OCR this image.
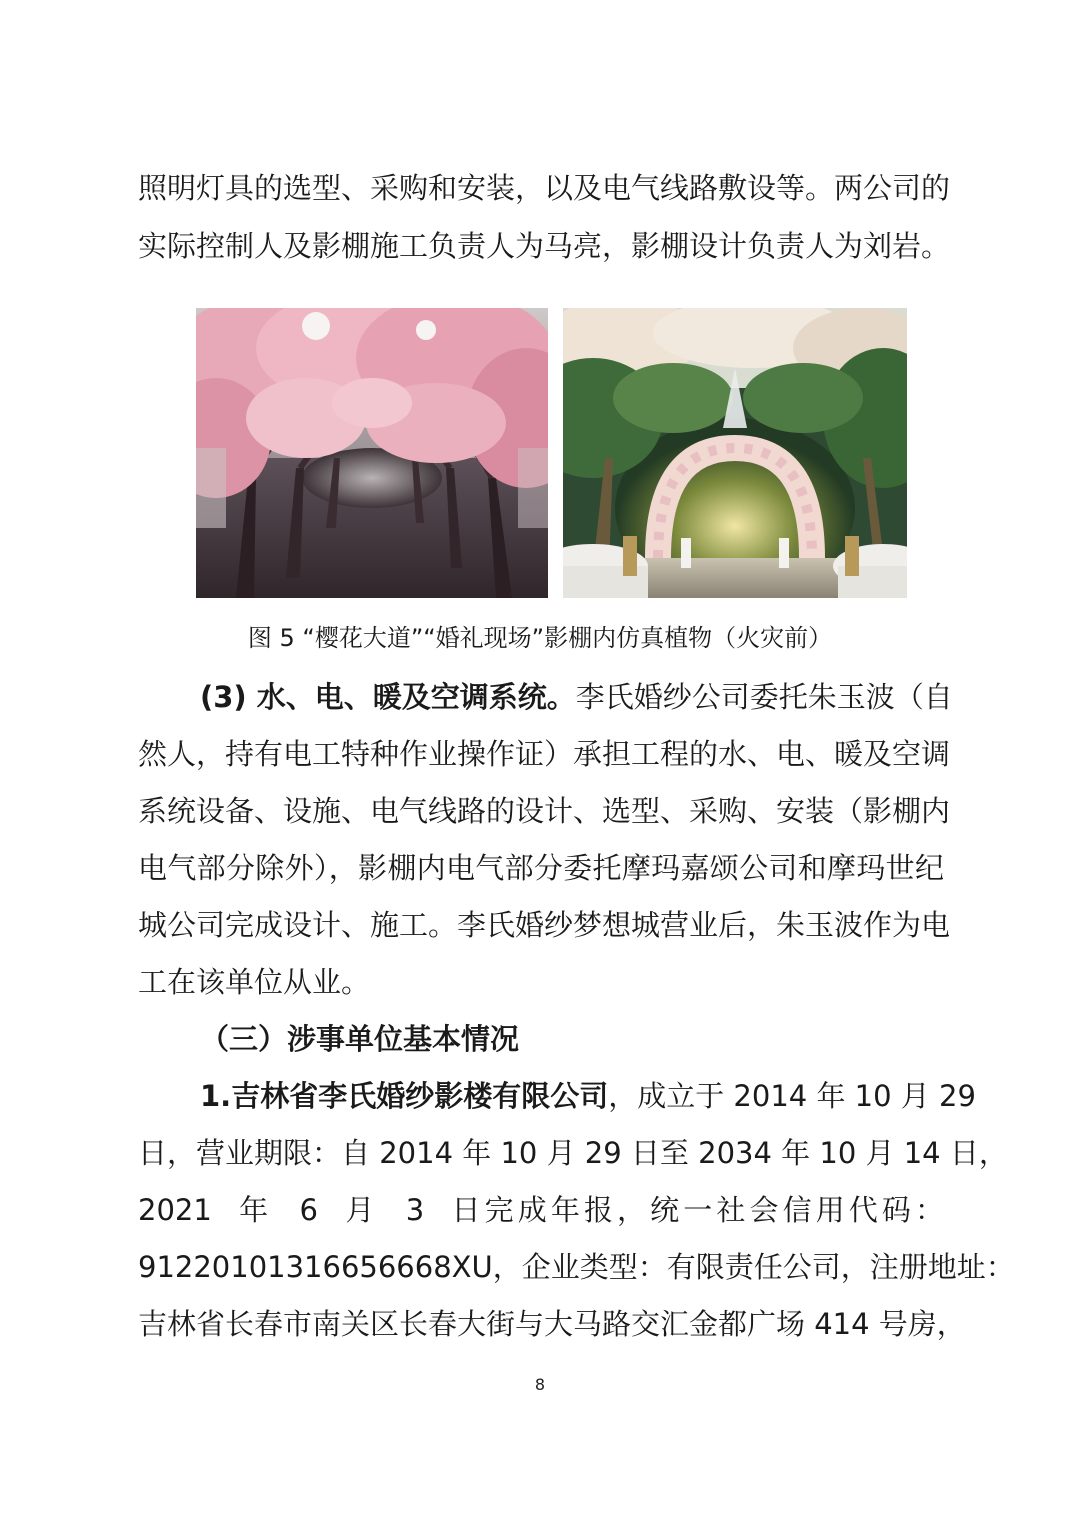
照明灯具的选型、采购和安装，以及电气线路敷设等。两公司的
实际控制人及影棚施工负责人为马亮，影棚设计负责人为刘岩。
图 5 “樱花大道”“婚礼现场”影棚内仿真植物（火灾前）
(3) 水、电、暖及空调系统。李氏婚纱公司委托朱玉波（自
然人，持有电工特种作业操作证）承担工程的水、电、暖及空调
系统设备、设施、电气线路的设计、选型、采购、安装（影棚内
电气部分除外），影棚内电气部分委托摩玛嘉颂公司和摩玛世纪
城公司完成设计、施工。李氏婚纱梦想城营业后，朱玉波作为电
工在该单位从业。
（三）涉事单位基本情况
1.吉林省李氏婚纱影楼有限公司，成立于 2014 年 10 月 29
日，营业期限：自 2014 年 10 月 29 日至 2034 年 10 月 14 日，
2021 年 6 月 3 日完成年报，统一社会信用代码：
91220101316656668XU，企业类型：有限责任公司，注册地址：
吉林省长春市南关区长春大街与大马路交汇金都广场 414 号房，
8
